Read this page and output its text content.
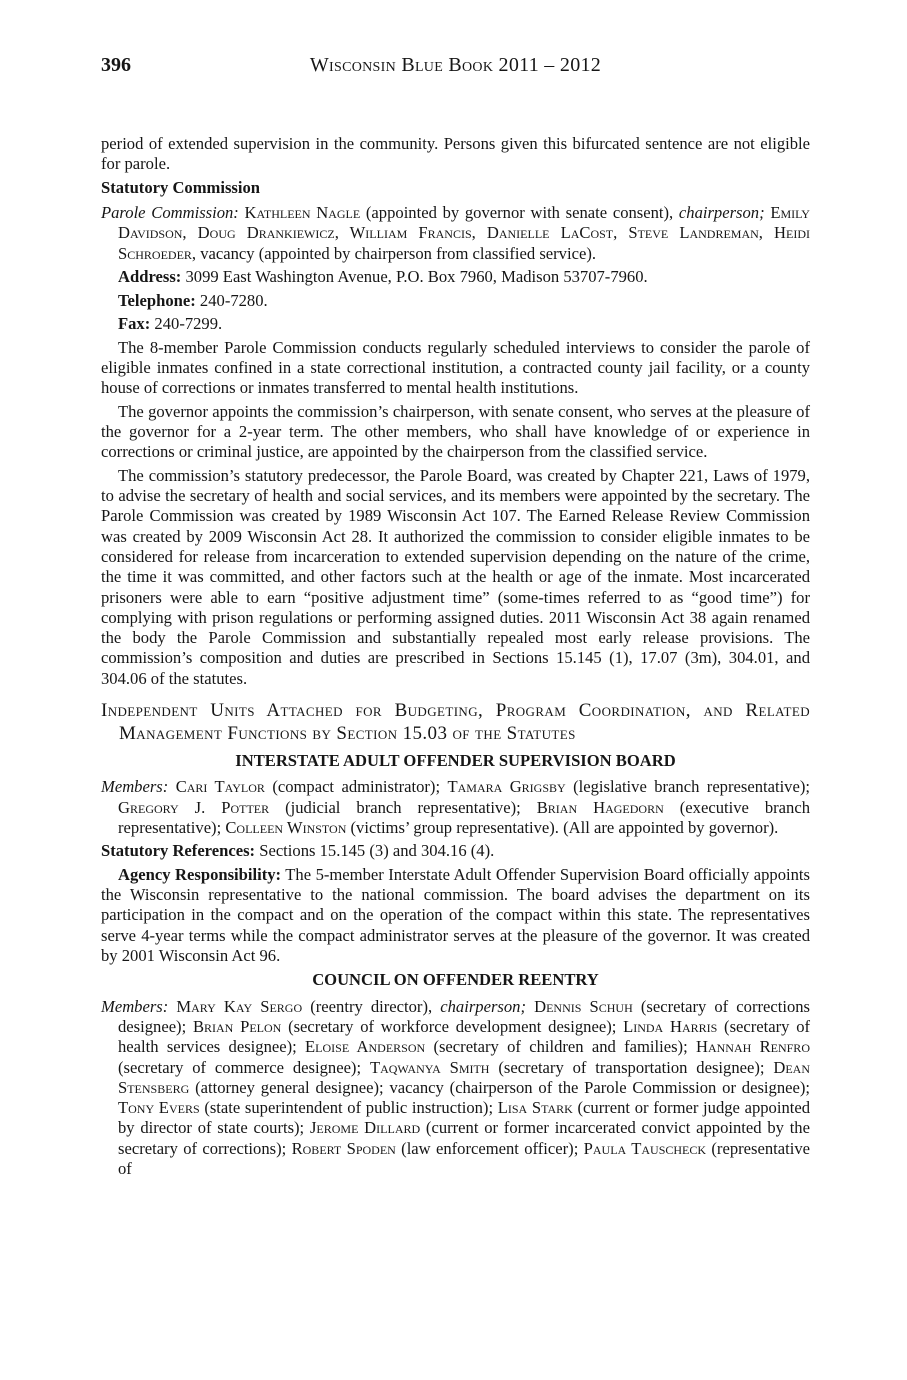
396	Wisconsin Blue Book 2011 – 2012

period of extended supervision in the community. Persons given this bifurcated sentence are not eligible for parole.

Statutory Commission

Parole Commission: Kathleen Nagle (appointed by governor with senate consent), chairperson; Emily Davidson, Doug Drankiewicz, William Francis, Danielle LaCost, Steve Landreman, Heidi Schroeder, vacancy (appointed by chairperson from classified service).

Address: 3099 East Washington Avenue, P.O. Box 7960, Madison 53707-7960.

Telephone: 240-7280.

Fax: 240-7299.

The 8-member Parole Commission conducts regularly scheduled interviews to consider the parole of eligible inmates confined in a state correctional institution, a contracted county jail facility, or a county house of corrections or inmates transferred to mental health institutions.

The governor appoints the commission’s chairperson, with senate consent, who serves at the pleasure of the governor for a 2-year term. The other members, who shall have knowledge of or experience in corrections or criminal justice, are appointed by the chairperson from the classified service.

The commission’s statutory predecessor, the Parole Board, was created by Chapter 221, Laws of 1979, to advise the secretary of health and social services, and its members were appointed by the secretary. The Parole Commission was created by 1989 Wisconsin Act 107. The Earned Release Review Commission was created by 2009 Wisconsin Act 28. It authorized the commission to consider eligible inmates to be considered for release from incarceration to extended supervision depending on the nature of the crime, the time it was committed, and other factors such at the health or age of the inmate. Most incarcerated prisoners were able to earn “positive adjustment time” (some-times referred to as “good time”) for complying with prison regulations or performing assigned duties. 2011 Wisconsin Act 38 again renamed the body the Parole Commission and substantially repealed most early release provisions. The commission’s composition and duties are prescribed in Sections 15.145 (1), 17.07 (3m), 304.01, and 304.06 of the statutes.

Independent Units Attached for Budgeting, Program Coordination, and Related Management Functions by Section 15.03 of the Statutes
INTERSTATE ADULT OFFENDER SUPERVISION BOARD

Members: Cari Taylor (compact administrator); Tamara Grigsby (legislative branch representative); Gregory J. Potter (judicial branch representative); Brian Hagedorn (executive branch representative); Colleen Winston (victims’ group representative). (All are appointed by governor).

Statutory References: Sections 15.145 (3) and 304.16 (4).

Agency Responsibility: The 5-member Interstate Adult Offender Supervision Board officially appoints the Wisconsin representative to the national commission. The board advises the department on its participation in the compact and on the operation of the compact within this state. The representatives serve 4-year terms while the compact administrator serves at the pleasure of the governor. It was created by 2001 Wisconsin Act 96.

COUNCIL ON OFFENDER REENTRY

Members: Mary Kay Sergo (reentry director), chairperson; Dennis Schuh (secretary of corrections designee); Brian Pelon (secretary of workforce development designee); Linda Harris (secretary of health services designee); Eloise Anderson (secretary of children and families); Hannah Renfro (secretary of commerce designee); Taqwanya Smith (secretary of transportation designee); Dean Stensberg (attorney general designee); vacancy (chairperson of the Parole Commission or designee); Tony Evers (state superintendent of public instruction); Lisa Stark (current or former judge appointed by director of state courts); Jerome Dillard (current or former incarcerated convict appointed by the secretary of corrections); Robert Spoden (law enforcement officer); Paula Tauscheck (representative of
